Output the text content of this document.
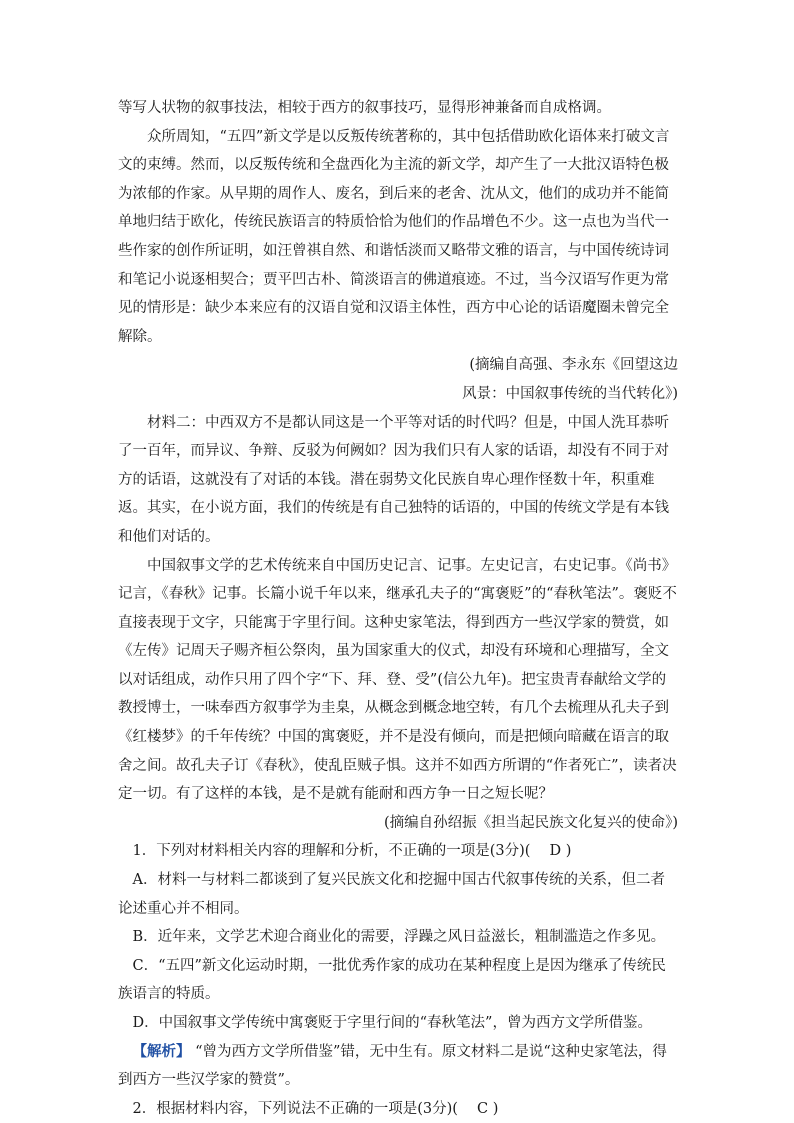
等写人状物的叙事技法，相较于西方的叙事技巧，显得形神兼备而自成格调。

众所周知，“五四”新文学是以反叛传统著称的，其中包括借助欧化语体来打破文言文的束缚。然而，以反叛传统和全盘西化为主流的新文学，却产生了一大批汉语特色极为浓郁的作家。从早期的周作人、废名，到后来的老舍、沈从文，他们的成功并不能简单地归结于欧化，传统民族语言的特质恰恰为他们的作品增色不少。这一点也为当代一些作家的创作所证明，如汪曾祺自然、和谐恬淡而又略带文雅的语言，与中国传统诗词和笔记小说逐相契合；贾平凹古朴、简淡语言的佛道痕迹。不过，当今汉语写作更为常见的情形是：缺少本来应有的汉语自觉和汉语主体性，西方中心论的话语魔圈未曾完全解除。

(摘编自高强、李永东《回望这边

风景：中国叙事传统的当代转化》)

材料二：中西双方不是都认同这是一个平等对话的时代吗？但是，中国人洗耳恭听了一百年，而异议、争辩、反驳为何阙如？因为我们只有人家的话语，却没有不同于对方的话语，这就没有了对话的本钱。潜在弱势文化民族自卑心理作怪数十年，积重难返。其实，在小说方面，我们的传统是有自己独特的话语的，中国的传统文学是有本钱和他们对话的。

中国叙事文学的艺术传统来自中国历史记言、记事。左史记言，右史记事。《尚书》记言，《春秋》记事。长篇小说千年以来，继承孔夫子的“寓褒贬”的“春秋笔法”。褒贬不直接表现于文字，只能寓于字里行间。这种史家笔法，得到西方一些汉学家的赞赏，如《左传》记周天子赐齐桓公祭肉，虽为国家重大的仪式，却没有环境和心理描写，全文以对话组成，动作只用了四个字“下、拜、登、受”(信公九年)。把宝贵青春献给文学的教授博士，一味奉西方叙事学为圭臬，从概念到概念地空转，有几个去梳理从孔夫子到《红楼梦》的千年传统？中国的寓褒贬，并不是没有倾向，而是把倾向暗藏在语言的取舍之间。故孔夫子订《春秋》，使乱臣贼子惧。这并不如西方所谓的“作者死亡”，读者决定一切。有了这样的本钱，是不是就有能耐和西方争一日之短长呢？

(摘编自孙绍振《担当起民族文化复兴的使命》)

1．下列对材料相关内容的理解和分析，不正确的一项是(3分)( D )

A．材料一与材料二都谈到了复兴民族文化和挖掘中国古代叙事传统的关系，但二者论述重心并不相同。

B．近年来，文学艺术迎合商业化的需要，浮躁之风日益滋长，粗制滥造之作多见。

C．“五四”新文化运动时期，一批优秀作家的成功在某种程度上是因为继承了传统民族语言的特质。

D．中国叙事文学传统中寓褒贬于字里行间的“春秋笔法”，曾为西方文学所借鉴。

【解析】 “曾为西方文学所借鉴”错，无中生有。原文材料二是说“这种史家笔法，得到西方一些汉学家的赞赏”。

2．根据材料内容，下列说法不正确的一项是(3分)( C )
